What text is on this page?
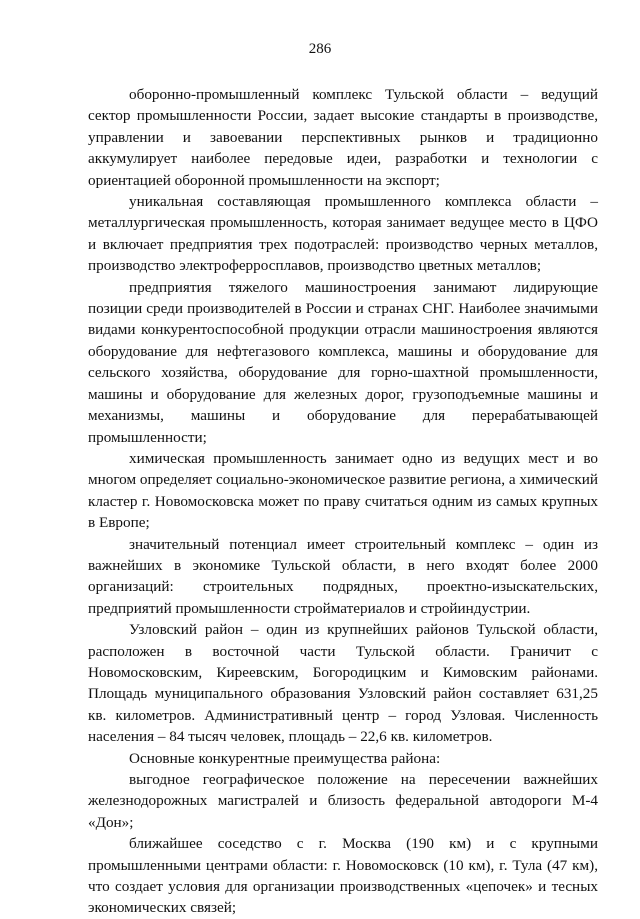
286

оборонно-промышленный комплекс Тульской области – ведущий сектор промышленности России, задает высокие стандарты в производстве, управлении и завоевании перспективных рынков и традиционно аккумулирует наиболее передовые идеи, разработки и технологии с ориентацией оборонной промышленности на экспорт;

уникальная составляющая промышленного комплекса области – металлургическая промышленность, которая занимает ведущее место в ЦФО и включает предприятия трех подотраслей: производство черных металлов, производство электроферросплавов, производство цветных металлов;

предприятия тяжелого машиностроения занимают лидирующие позиции среди производителей в России и странах СНГ. Наиболее значимыми видами конкурентоспособной продукции отрасли машиностроения являются оборудование для нефтегазового комплекса, машины и оборудование для сельского хозяйства, оборудование для горно-шахтной промышленности, машины и оборудование для железных дорог, грузоподъемные машины и механизмы, машины и оборудование для перерабатывающей промышленности;

химическая промышленность занимает одно из ведущих мест и во многом определяет социально-экономическое развитие региона, а химический кластер г. Новомосковска может по праву считаться одним из самых крупных в Европе;

значительный потенциал имеет строительный комплекс – один из важнейших в экономике Тульской области, в него входят более 2000 организаций: строительных подрядных, проектно-изыскательских, предприятий промышленности стройматериалов и стройиндустрии.

Узловский район – один из крупнейших районов Тульской области, расположен в восточной части Тульской области. Граничит с Новомосковским, Киреевским, Богородицким и Кимовским районами. Площадь муниципального образования Узловский район составляет 631,25 кв. километров. Административный центр – город Узловая. Численность населения – 84 тысяч человек, площадь – 22,6 кв. километров.

Основные конкурентные преимущества района:

выгодное географическое положение на пересечении важнейших железнодорожных магистралей и близость федеральной автодороги М-4 «Дон»;

ближайшее соседство с г. Москва (190 км) и с крупными промышленными центрами области: г. Новомосковск (10 км), г. Тула (47 км), что создает условия для организации производственных «цепочек» и тесных экономических связей;
